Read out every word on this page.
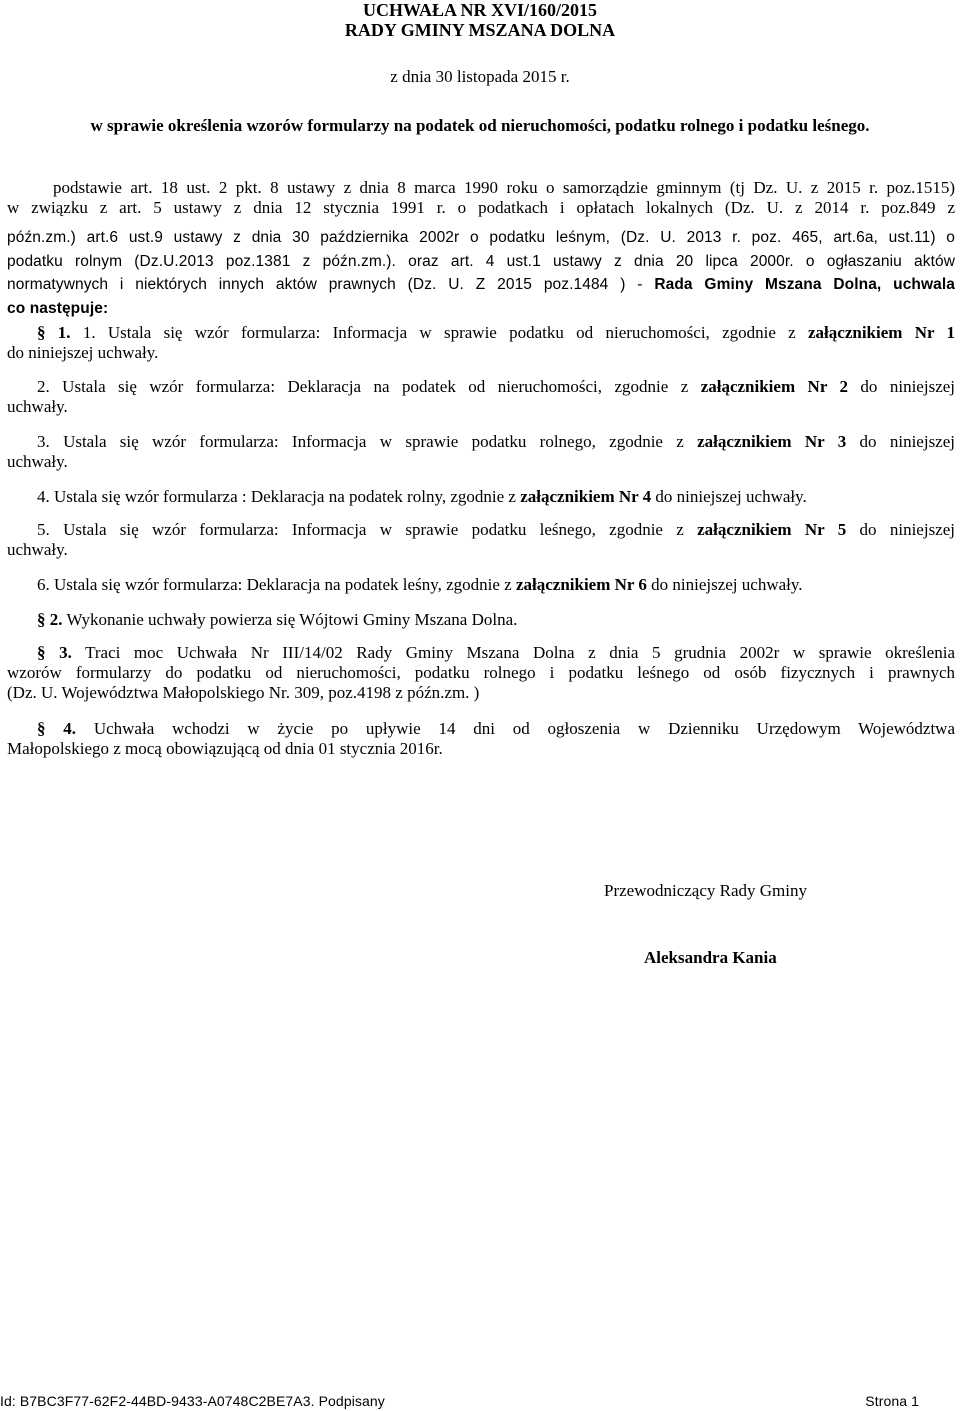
UCHWAŁA NR XVI/160/2015
RADY GMINY MSZANA DOLNA
z dnia 30 listopada 2015 r.
w sprawie określenia wzorów formularzy na podatek od nieruchomości, podatku rolnego i podatku leśnego.
podstawie art. 18 ust. 2 pkt. 8 ustawy z dnia 8 marca 1990 roku o samorządzie gminnym (tj Dz. U. z 2015 r. poz.1515)
w związku z art. 5 ustawy z dnia 12 stycznia 1991 r. o podatkach i opłatach lokalnych (Dz. U. z 2014 r. poz.849 z
późn.zm.) art.6 ust.9 ustawy z dnia 30 października 2002r o podatku leśnym, (Dz. U. 2013 r. poz. 465, art.6a, ust.11) o
podatku rolnym (Dz.U.2013 poz.1381 z późn.zm.). oraz art. 4 ust.1 ustawy z dnia 20 lipca 2000r. o ogłaszaniu aktów
normatywnych i niektórych innych aktów prawnych (Dz. U. Z 2015 poz.1484 ) - Rada Gminy Mszana Dolna, uchwala
co następuje:
§ 1. 1. Ustala się wzór formularza: Informacja w sprawie podatku od nieruchomości, zgodnie z załącznikiem Nr 1
do niniejszej uchwały.
2. Ustala się wzór formularza: Deklaracja na podatek od nieruchomości, zgodnie z załącznikiem Nr 2 do niniejszej
uchwały.
3. Ustala się wzór formularza: Informacja w sprawie podatku rolnego, zgodnie z załącznikiem Nr 3 do niniejszej
uchwały.
4. Ustala się wzór formularza : Deklaracja na podatek rolny, zgodnie z załącznikiem Nr 4 do niniejszej uchwały.
5. Ustala się wzór formularza: Informacja w sprawie podatku leśnego, zgodnie z załącznikiem Nr 5 do niniejszej
uchwały.
6. Ustala się wzór formularza: Deklaracja na podatek leśny, zgodnie z załącznikiem Nr 6 do niniejszej uchwały.
§ 2. Wykonanie uchwały powierza się Wójtowi Gminy Mszana Dolna.
§ 3. Traci moc Uchwała Nr III/14/02 Rady Gminy Mszana Dolna z dnia 5 grudnia 2002r w sprawie określenia
wzorów formularzy do podatku od nieruchomości, podatku rolnego i podatku leśnego od osób fizycznych i prawnych
(Dz. U. Województwa Małopolskiego Nr. 309, poz.4198 z późn.zm. )
§ 4. Uchwała wchodzi w życie po upływie 14 dni od ogłoszenia w Dzienniku Urzędowym Województwa
Małopolskiego z mocą obowiązującą od dnia 01 stycznia 2016r.
Przewodniczący Rady Gminy
Aleksandra Kania
Id: B7BC3F77-62F2-44BD-9433-A0748C2BE7A3. Podpisany	Strona 1
